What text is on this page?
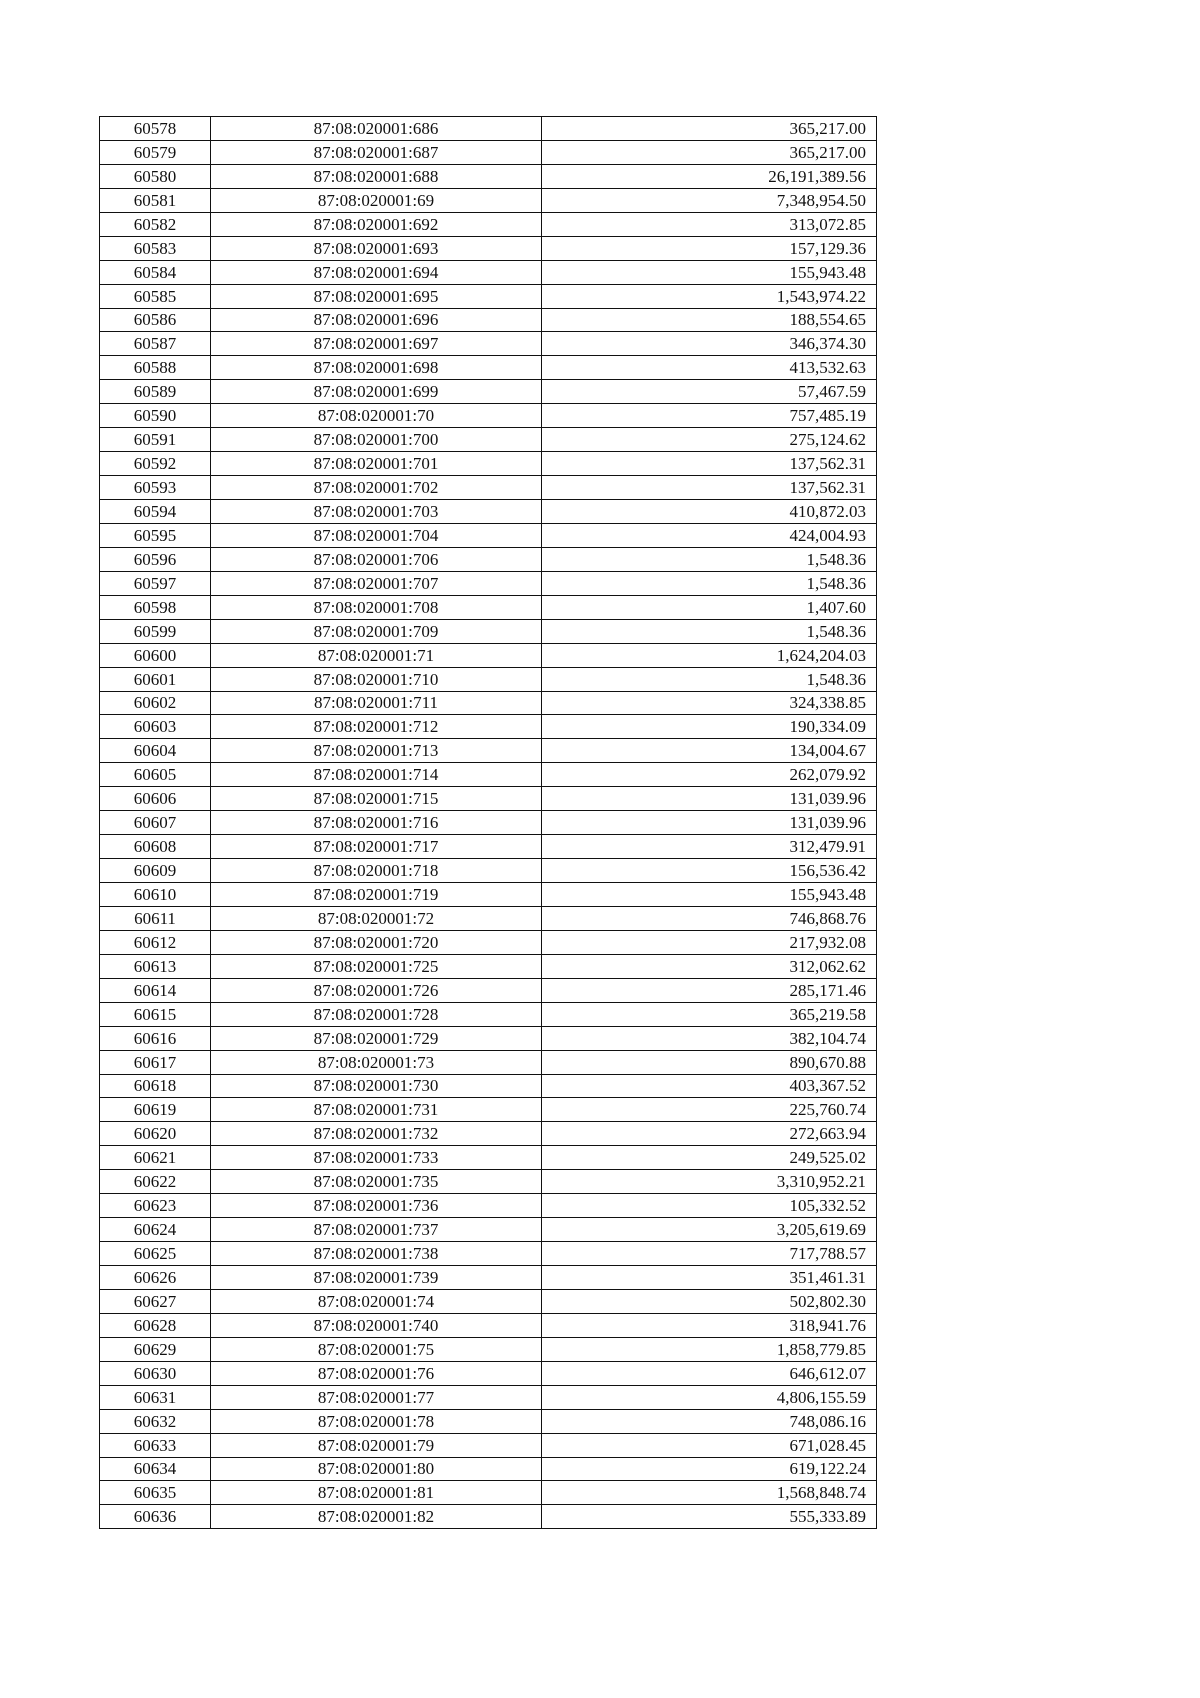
60578	87:08:020001:686	365,217.00
60579	87:08:020001:687	365,217.00
60580	87:08:020001:688	26,191,389.56
60581	87:08:020001:69	7,348,954.50
60582	87:08:020001:692	313,072.85
60583	87:08:020001:693	157,129.36
60584	87:08:020001:694	155,943.48
60585	87:08:020001:695	1,543,974.22
60586	87:08:020001:696	188,554.65
60587	87:08:020001:697	346,374.30
60588	87:08:020001:698	413,532.63
60589	87:08:020001:699	57,467.59
60590	87:08:020001:70	757,485.19
60591	87:08:020001:700	275,124.62
60592	87:08:020001:701	137,562.31
60593	87:08:020001:702	137,562.31
60594	87:08:020001:703	410,872.03
60595	87:08:020001:704	424,004.93
60596	87:08:020001:706	1,548.36
60597	87:08:020001:707	1,548.36
60598	87:08:020001:708	1,407.60
60599	87:08:020001:709	1,548.36
60600	87:08:020001:71	1,624,204.03
60601	87:08:020001:710	1,548.36
60602	87:08:020001:711	324,338.85
60603	87:08:020001:712	190,334.09
60604	87:08:020001:713	134,004.67
60605	87:08:020001:714	262,079.92
60606	87:08:020001:715	131,039.96
60607	87:08:020001:716	131,039.96
60608	87:08:020001:717	312,479.91
60609	87:08:020001:718	156,536.42
60610	87:08:020001:719	155,943.48
60611	87:08:020001:72	746,868.76
60612	87:08:020001:720	217,932.08
60613	87:08:020001:725	312,062.62
60614	87:08:020001:726	285,171.46
60615	87:08:020001:728	365,219.58
60616	87:08:020001:729	382,104.74
60617	87:08:020001:73	890,670.88
60618	87:08:020001:730	403,367.52
60619	87:08:020001:731	225,760.74
60620	87:08:020001:732	272,663.94
60621	87:08:020001:733	249,525.02
60622	87:08:020001:735	3,310,952.21
60623	87:08:020001:736	105,332.52
60624	87:08:020001:737	3,205,619.69
60625	87:08:020001:738	717,788.57
60626	87:08:020001:739	351,461.31
60627	87:08:020001:74	502,802.30
60628	87:08:020001:740	318,941.76
60629	87:08:020001:75	1,858,779.85
60630	87:08:020001:76	646,612.07
60631	87:08:020001:77	4,806,155.59
60632	87:08:020001:78	748,086.16
60633	87:08:020001:79	671,028.45
60634	87:08:020001:80	619,122.24
60635	87:08:020001:81	1,568,848.74
60636	87:08:020001:82	555,333.89
